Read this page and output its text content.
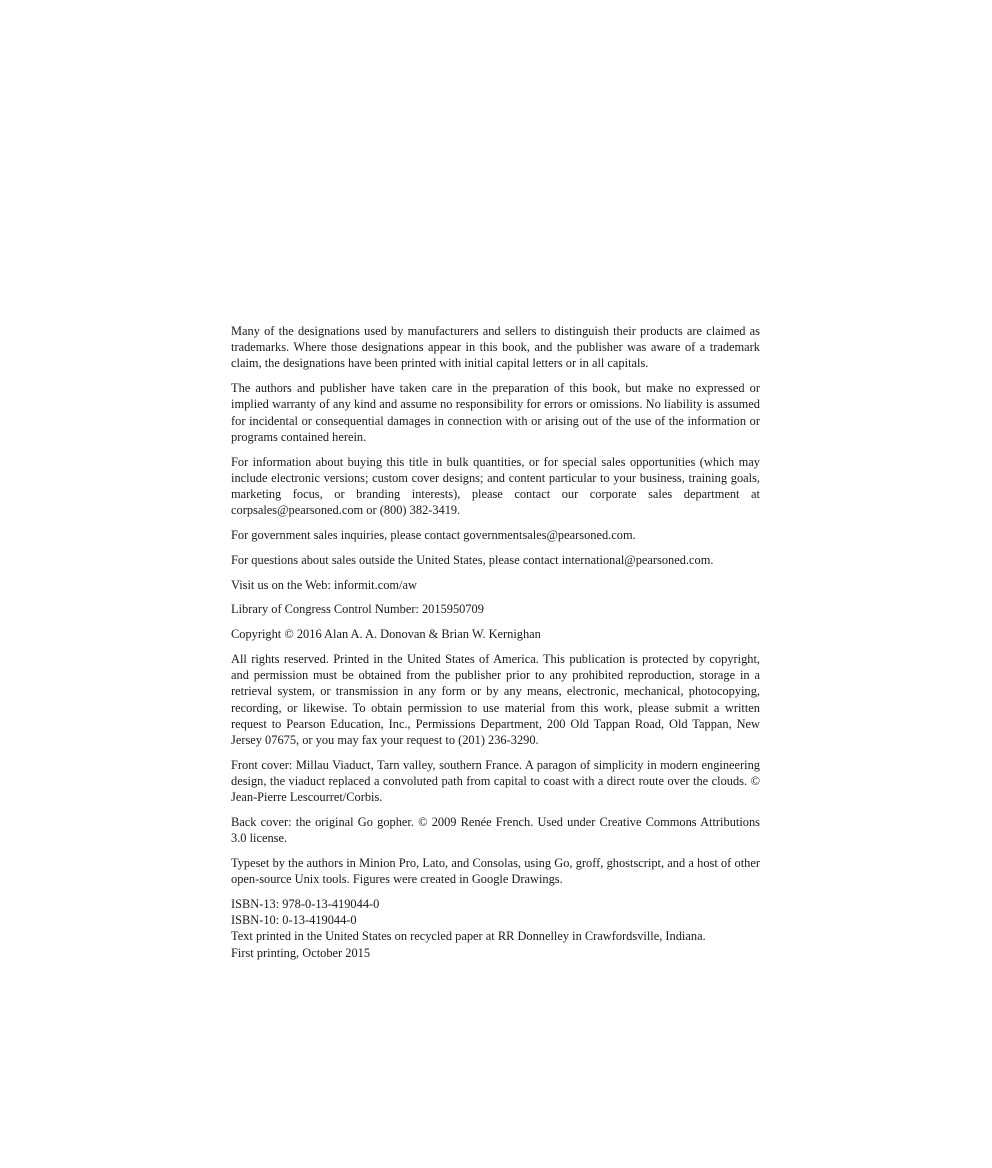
Many of the designations used by manufacturers and sellers to distinguish their products are claimed as trademarks. Where those designations appear in this book, and the publisher was aware of a trademark claim, the designations have been printed with initial capital letters or in all capitals.

The authors and publisher have taken care in the preparation of this book, but make no expressed or implied warranty of any kind and assume no responsibility for errors or omissions. No liability is assumed for incidental or consequential damages in connection with or arising out of the use of the information or programs contained herein.

For information about buying this title in bulk quantities, or for special sales opportunities (which may include electronic versions; custom cover designs; and content particular to your business, training goals, marketing focus, or branding interests), please contact our corporate sales department at corpsales@pearsoned.com or (800) 382-3419.

For government sales inquiries, please contact governmentsales@pearsoned.com.

For questions about sales outside the United States, please contact international@pearsoned.com.

Visit us on the Web: informit.com/aw

Library of Congress Control Number: 2015950709

Copyright © 2016 Alan A. A. Donovan & Brian W. Kernighan

All rights reserved. Printed in the United States of America. This publication is protected by copyright, and permission must be obtained from the publisher prior to any prohibited reproduction, storage in a retrieval system, or transmission in any form or by any means, electronic, mechanical, photocopying, recording, or likewise. To obtain permission to use material from this work, please submit a written request to Pearson Education, Inc., Permissions Department, 200 Old Tappan Road, Old Tappan, New Jersey 07675, or you may fax your request to (201) 236-3290.

Front cover: Millau Viaduct, Tarn valley, southern France. A paragon of simplicity in modern engineering design, the viaduct replaced a convoluted path from capital to coast with a direct route over the clouds. © Jean-Pierre Lescourret/Corbis.

Back cover: the original Go gopher. © 2009 Renée French. Used under Creative Commons Attributions 3.0 license.

Typeset by the authors in Minion Pro, Lato, and Consolas, using Go, groff, ghostscript, and a host of other open-source Unix tools. Figures were created in Google Drawings.

ISBN-13: 978-0-13-419044-0
ISBN-10: 0-13-419044-0
Text printed in the United States on recycled paper at RR Donnelley in Crawfordsville, Indiana.
First printing, October 2015
